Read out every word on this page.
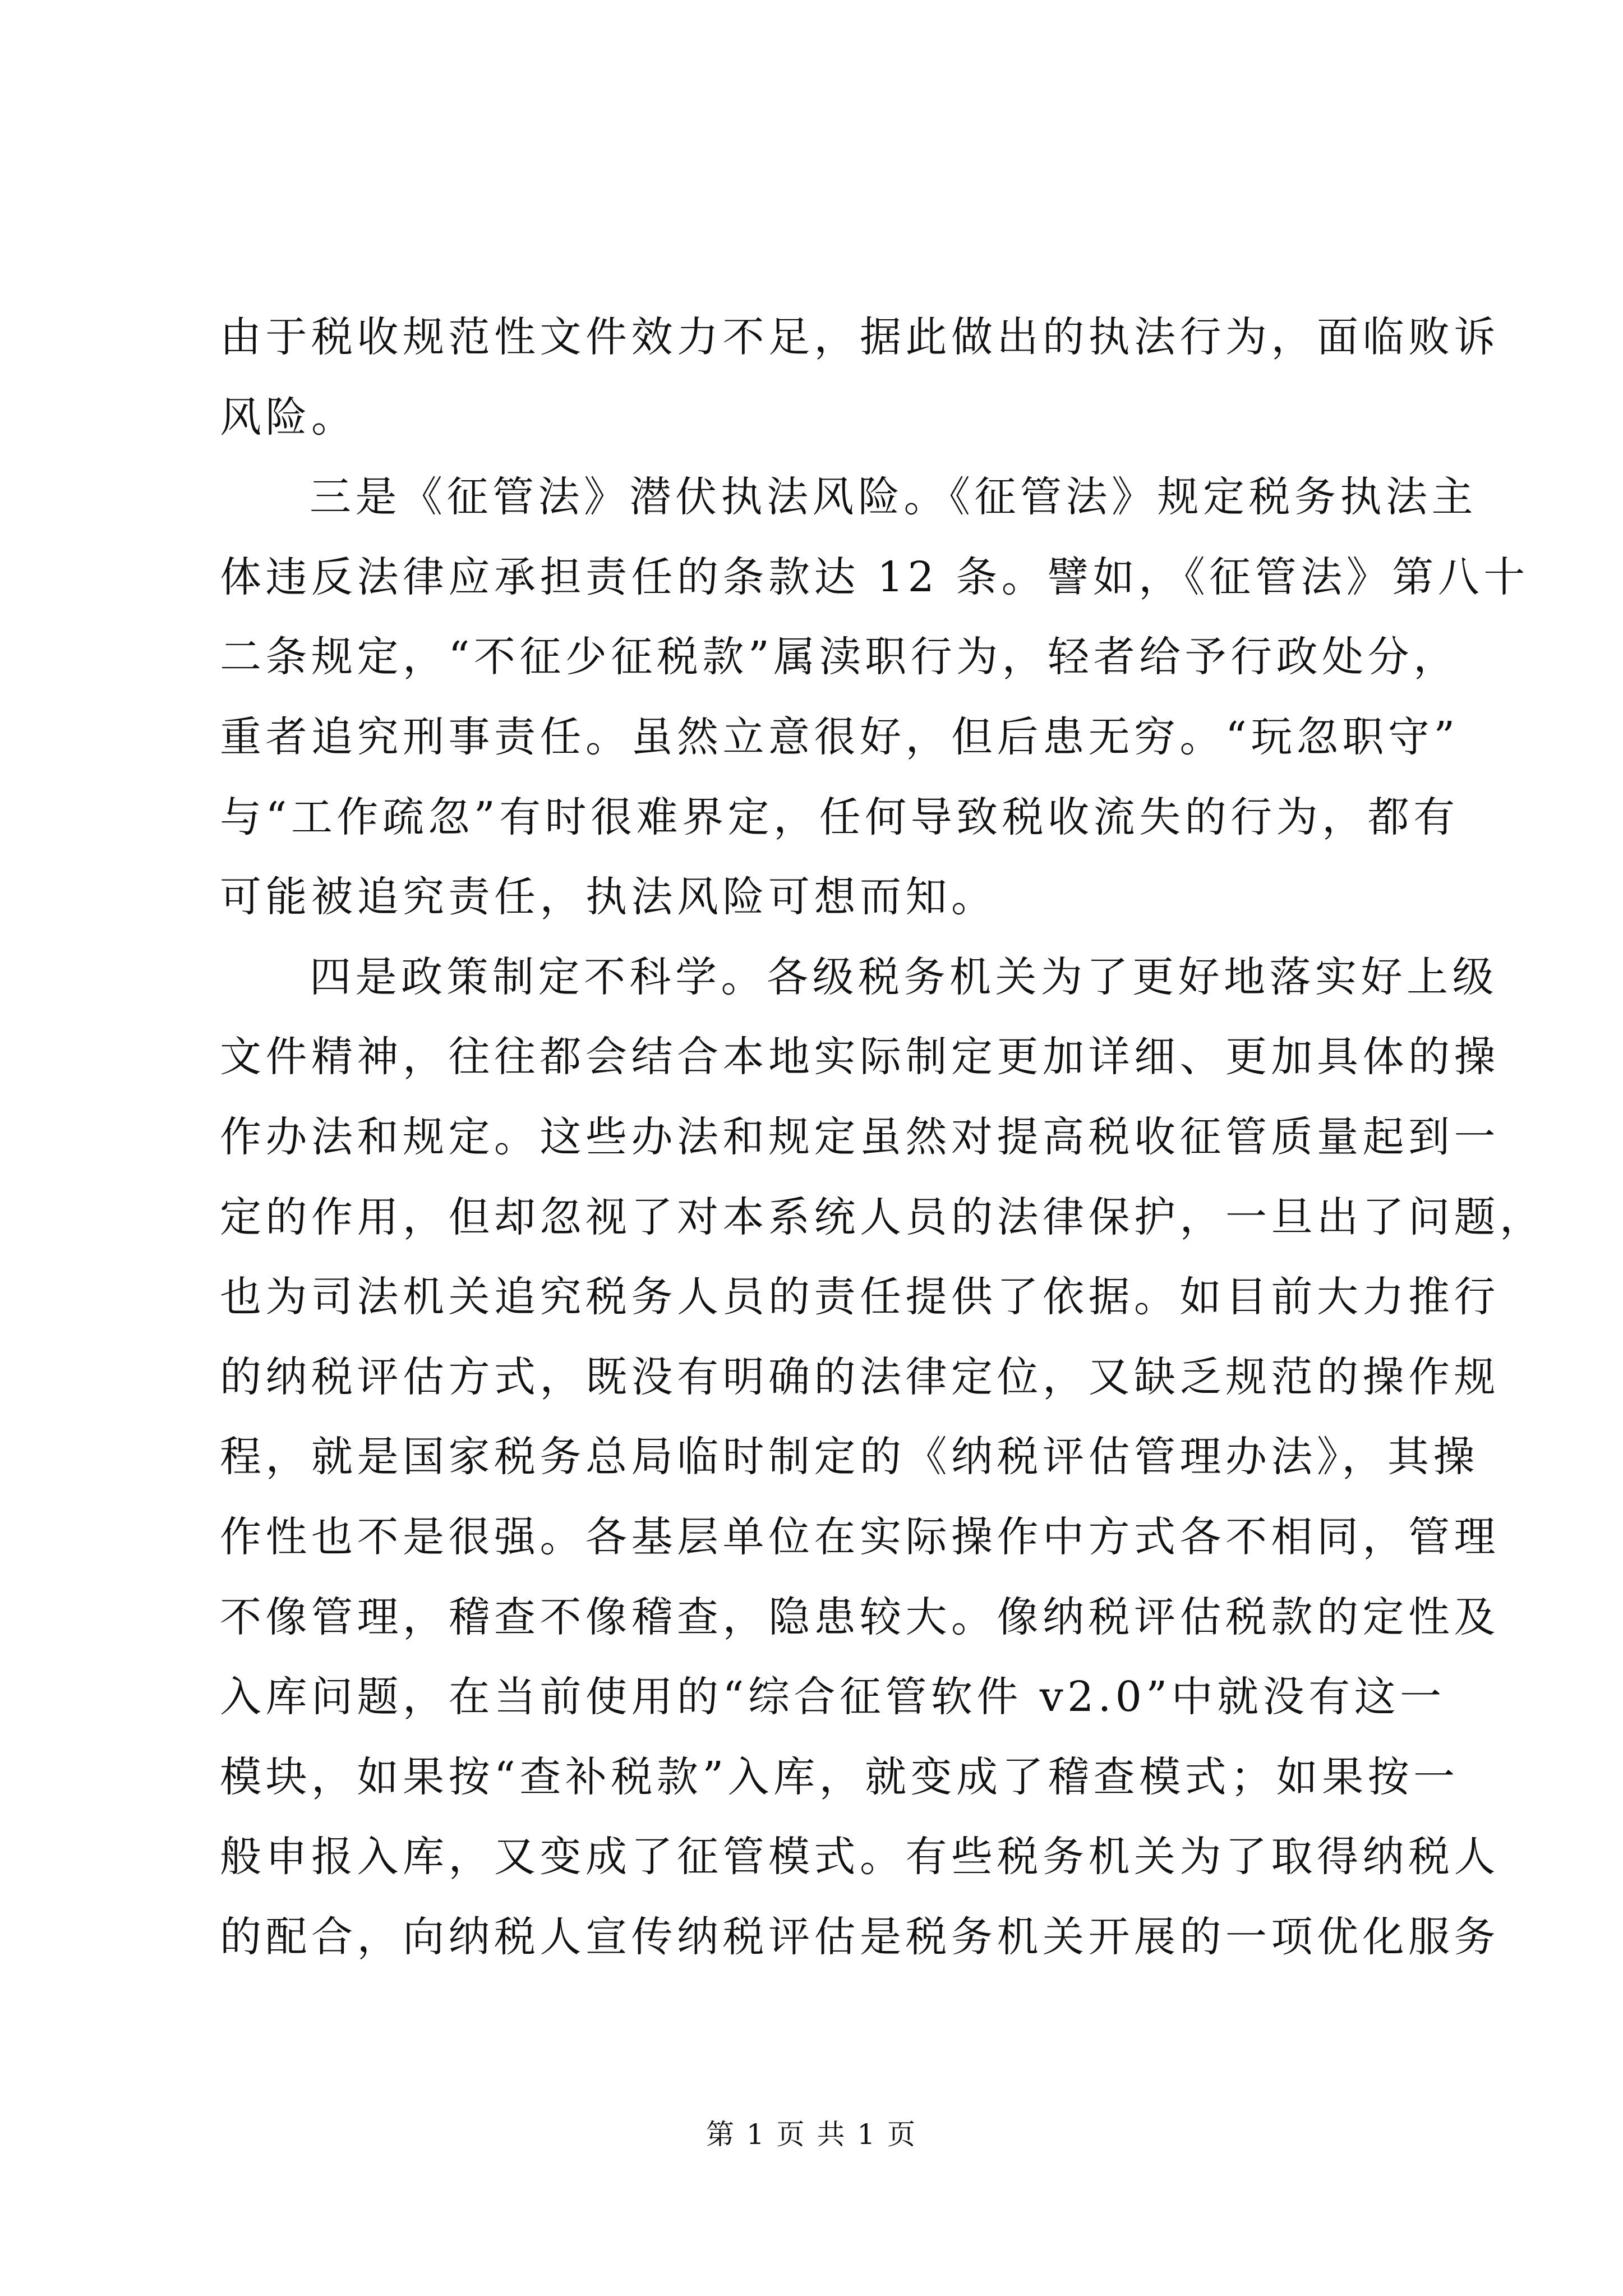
由于税收规范性文件效力不足，据此做出的执法行为，面临败诉
风险。
三是《征管法》潜伏执法风险。《征管法》规定税务执法主
体违反法律应承担责任的条款达 12 条。譬如，《征管法》第八十
二条规定，“不征少征税款”属渎职行为，轻者给予行政处分，
重者追究刑事责任。虽然立意很好，但后患无穷。“玩忽职守”
与“工作疏忽”有时很难界定，任何导致税收流失的行为，都有
可能被追究责任，执法风险可想而知。
四是政策制定不科学。各级税务机关为了更好地落实好上级
文件精神，往往都会结合本地实际制定更加详细、更加具体的操
作办法和规定。这些办法和规定虽然对提高税收征管质量起到一
定的作用，但却忽视了对本系统人员的法律保护，一旦出了问题，
也为司法机关追究税务人员的责任提供了依据。如目前大力推行
的纳税评估方式，既没有明确的法律定位，又缺乏规范的操作规
程，就是国家税务总局临时制定的《纳税评估管理办法》，其操
作性也不是很强。各基层单位在实际操作中方式各不相同，管理
不像管理，稽查不像稽查，隐患较大。像纳税评估税款的定性及
入库问题，在当前使用的“综合征管软件 v2.0”中就没有这一
模块，如果按“查补税款”入库，就变成了稽查模式；如果按一
般申报入库，又变成了征管模式。有些税务机关为了取得纳税人
的配合，向纳税人宣传纳税评估是税务机关开展的一项优化服务
第 1 页 共 1 页
